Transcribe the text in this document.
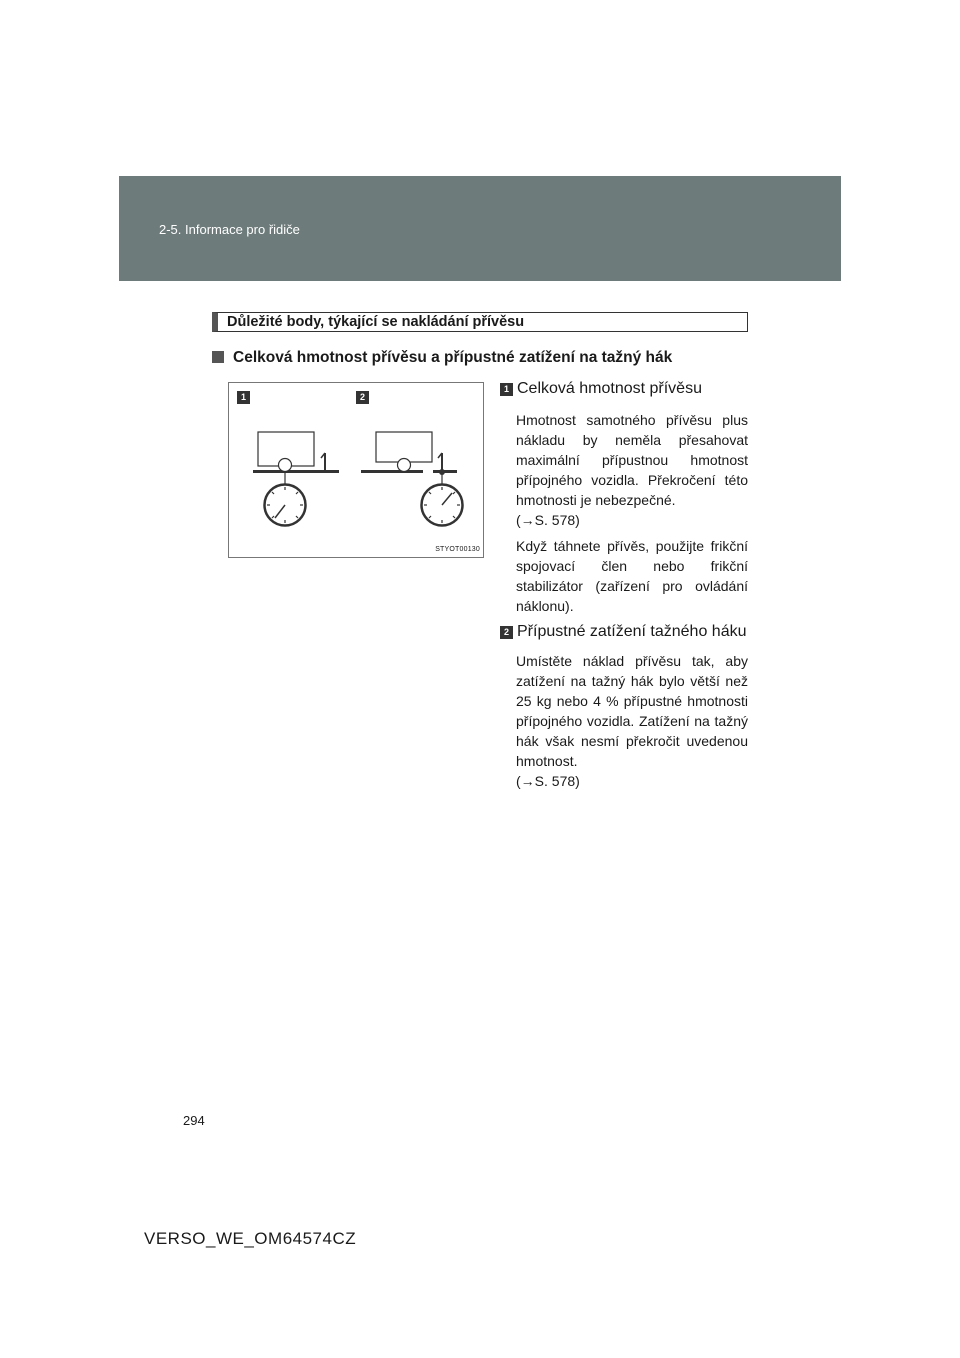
2-5. Informace pro řidiče
Důležité body, týkající se nakládání přívěsu
Celková hmotnost přívěsu a přípustné zatížení na tažný hák
1	2
STYOT00130
1 Celková hmotnost přívěsu

Hmotnost samotného přívěsu plus nákladu by neměla přesahovat maximální přípustnou hmotnost přípojného vozidla. Překročení této hmotnosti je nebezpečné.

(→S. 578)

Když táhnete přívěs, použijte frikční spojovací člen nebo frikční stabilizátor (zařízení pro ovládání náklonu).

2 Přípustné zatížení tažného háku

Umístěte náklad přívěsu tak, aby zatížení na tažný hák bylo větší než 25 kg nebo 4 % přípustné hmotnosti přípojného vozidla. Zatížení na tažný hák však nesmí překročit uvedenou hmotnost.

(→S. 578)

294
VERSO_WE_OM64574CZ
